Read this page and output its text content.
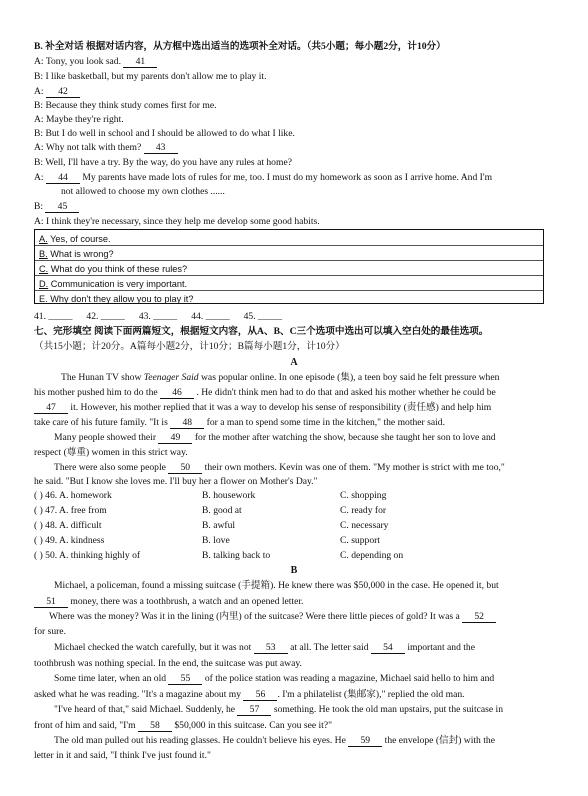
B. 补全对话 根据对话内容，从方框中选出适当的选项补全对话。（共5小题；每小题2分，计10分）
A: Tony, you look sad. 41
B: I like basketball, but my parents don't allow me to play it.
A: 42
B: Because they think study comes first for me.
A: Maybe they're right.
B: But I do well in school and I should be allowed to do what I like.
A: Why not talk with them? 43
B: Well, I'll have a try. By the way, do you have any rules at home?
A: 44 My parents have made lots of rules for me, too. I must do my homework as soon as I arrive home. And I'm
not allowed to choose my own clothes ......
B: 45
A: I think they're necessary, since they help me develop some good habits.
A. Yes, of course.
B. What is wrong?
C. What do you think of these rules?
D. Communication is very important.
E. Why don't they allow you to play it?
41. _____ 42. _____ 43. _____ 44. _____ 45. _____
七、完形填空 阅读下面两篇短文，根据短文内容，从A、B、C三个选项中选出可以填入空白处的最佳选项。
（共15小题；计20分。A篇每小题2分，计10分；B篇每小题1分，计10分）
A
The Hunan TV show Teenager Said was popular online. In one episode (集), a teen boy said he felt pressure when
his mother pushed him to do the 46 . He didn't think men had to do that and asked his mother whether he could be
47 it. However, his mother replied that it was a way to develop his sense of responsibility (责任感) and help him
take care of his future family. "It is 48 for a man to spend some time in the kitchen," the mother said.
Many people showed their 49 for the mother after watching the show, because she taught her son to love and
respect (尊重) women in this strict way.
There were also some people 50 their own mothers. Kevin was one of them. "My mother is strict with me too,"
he said. "But I know she loves me. I'll buy her a flower on Mother's Day."
( ) 46. A. homework	B. housework	C. shopping
( ) 47. A. free from	B. good at	C. ready for
( ) 48. A. difficult	B. awful	C. necessary
( ) 49. A. kindness	B. love	C. support
( ) 50. A. thinking highly of	B. talking back to	C. depending on
B
Michael, a policeman, found a missing suitcase (手提箱). He knew there was $50,000 in the case. He opened it, but
51 money, there was a toothbrush, a watch and an opened letter.
Where was the money? Was it in the lining (内里) of the suitcase? Were there little pieces of gold? It was a 52
for sure.
Michael checked the watch carefully, but it was not 53 at all. The letter said 54 important and the
toothbrush was nothing special. In the end, the suitcase was put away.
Some time later, when an old 55 of the police station was reading a magazine, Michael said hello to him and
asked what he was reading. "It's a magazine about my 56 . I'm a philatelist (集邮家)," replied the old man.
"I've heard of that," said Michael. Suddenly, he 57 something. He took the old man upstairs, put the suitcase in
front of him and said, "I'm 58 $50,000 in this suitcase. Can you see it?"
The old man pulled out his reading glasses. He couldn't believe his eyes. He 59 the envelope (信封) with the
letter in it and said, "I think I've just found it."
